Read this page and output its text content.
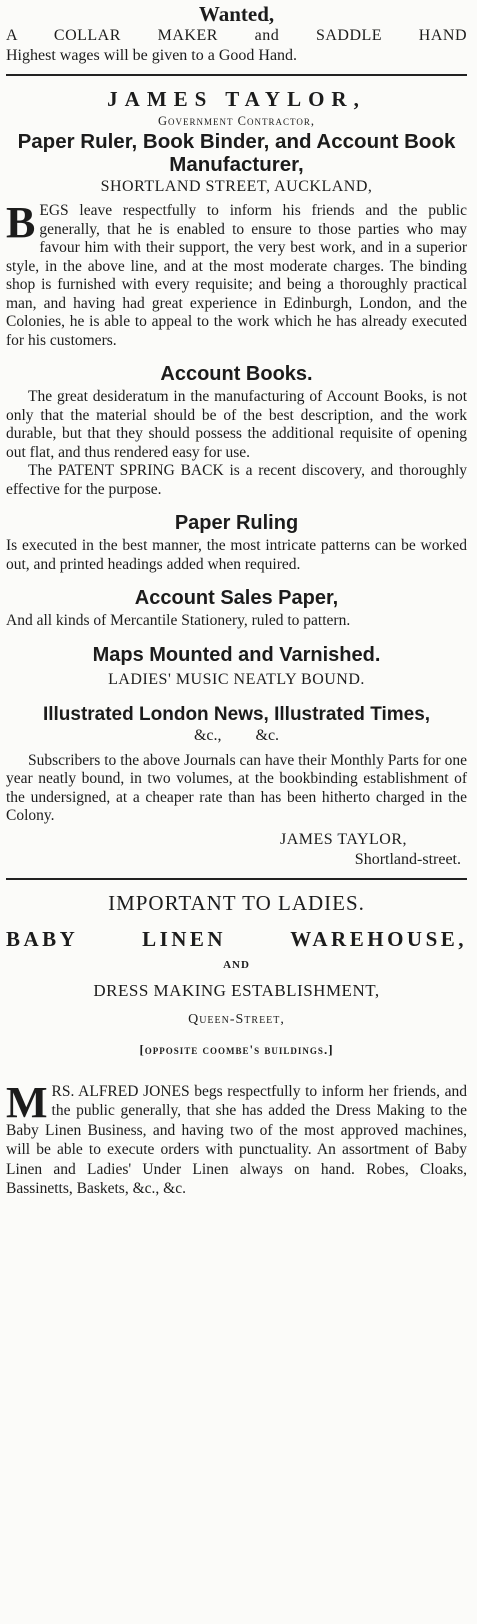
Wanted,

A COLLAR MAKER and SADDLE HAND

Highest wages will be given to a Good Hand.

JAMES TAYLOR,

Government Contractor,

Paper Ruler, Book Binder, and Account Book Manufacturer,

SHORTLAND STREET, AUCKLAND,

BEGS leave respectfully to inform his friends and the public generally, that he is enabled to ensure to those parties who may favour him with their support, the very best work, and in a superior style, in the above line, and at the most moderate charges. The binding shop is furnished with every requisite; and being a thoroughly practical man, and having had great experience in Edinburgh, London, and the Colonies, he is able to appeal to the work which he has already executed for his customers.

Account Books.

The great desideratum in the manufacturing of Account Books, is not only that the material should be of the best description, and the work durable, but that they should possess the additional requisite of opening out flat, and thus rendered easy for use.

The PATENT SPRING BACK is a recent discovery, and thoroughly effective for the purpose.

Paper Ruling

Is executed in the best manner, the most intricate patterns can be worked out, and printed headings added when required.

Account Sales Paper,

And all kinds of Mercantile Stationery, ruled to pattern.

Maps Mounted and Varnished.

LADIES' MUSIC NEATLY BOUND.

Illustrated London News, Illustrated Times,

&c., &c.

Subscribers to the above Journals can have their Monthly Parts for one year neatly bound, in two volumes, at the bookbinding establishment of the undersigned, at a cheaper rate than has been hitherto charged in the Colony.

JAMES TAYLOR,

Shortland-street.

IMPORTANT TO LADIES.

BABY LINEN WAREHOUSE,

AND

DRESS MAKING ESTABLISHMENT,

Queen-Street,

[opposite coombe's buildings.]

MRS. ALFRED JONES begs respectfully to inform her friends, and the public generally, that she has added the Dress Making to the Baby Linen Business, and having two of the most approved machines, will be able to execute orders with punctuality. An assortment of Baby Linen and Ladies' Under Linen always on hand. Robes, Cloaks, Bassinetts, Baskets, &c., &c.
